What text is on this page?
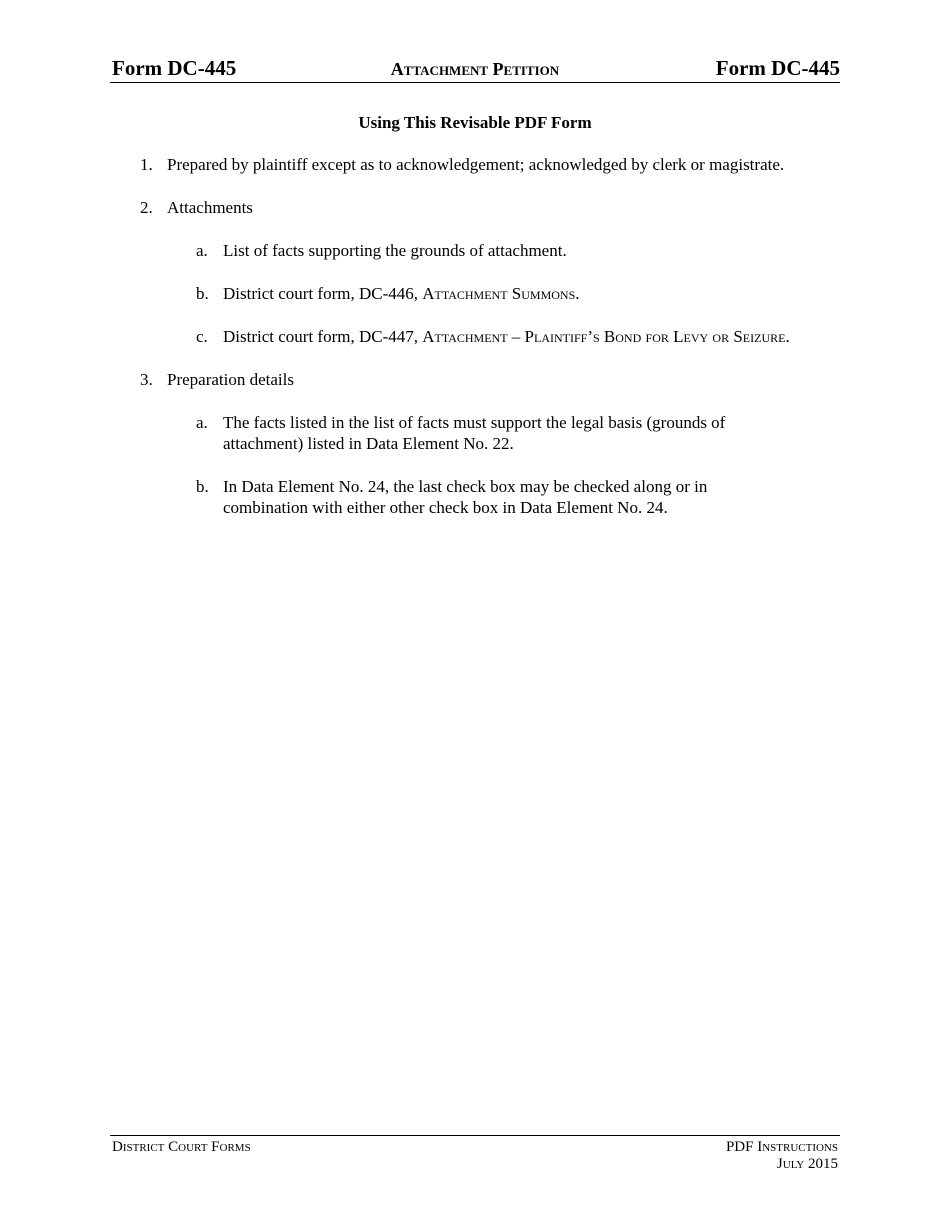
Form DC-445	Attachment Petition	Form DC-445
Using This Revisable PDF Form
1. Prepared by plaintiff except as to acknowledgement; acknowledged by clerk or magistrate.
2. Attachments
a. List of facts supporting the grounds of attachment.
b. District court form, DC-446, Attachment Summons.
c. District court form, DC-447, Attachment – Plaintiff’s Bond for Levy or Seizure.
3. Preparation details
a. The facts listed in the list of facts must support the legal basis (grounds of attachment) listed in Data Element No. 22.
b. In Data Element No. 24, the last check box may be checked along or in combination with either other check box in Data Element No. 24.
District Court Forms	PDF Instructions
July 2015
